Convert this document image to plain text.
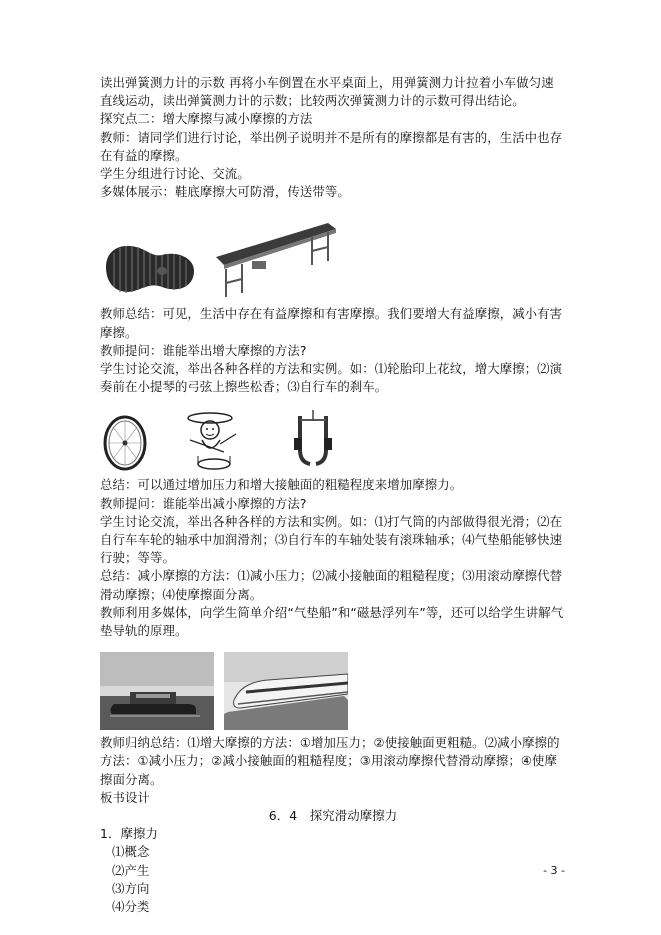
读出弹簧测力计的示数 再将小车倒置在水平桌面上，用弹簧测力计拉着小车做匀速直线运动，读出弹簧测力计的示数；比较两次弹簧测力计的示数可得出结论。

探究点二：增大摩擦与减小摩擦的方法

教师：请同学们进行讨论，举出例子说明并不是所有的摩擦都是有害的，生活中也存在有益的摩擦。

学生分组进行讨论、交流。

多媒体展示：鞋底摩擦大可防滑，传送带等。

教师总结：可见，生活中存在有益摩擦和有害摩擦。我们要增大有益摩擦，减小有害摩擦。

教师提问：谁能举出增大摩擦的方法?

学生讨论交流，举出各种各样的方法和实例。如：⑴轮胎印上花纹，增大摩擦；⑵演奏前在小提琴的弓弦上擦些松香；⑶自行车的刹车。

总结：可以通过增加压力和增大接触面的粗糙程度来增加摩擦力。

教师提问：谁能举出减小摩擦的方法?

学生讨论交流，举出各种各样的方法和实例。如：⑴打气筒的内部做得很光滑；⑵在自行车车轮的轴承中加润滑剂；⑶自行车的车轴处装有滚珠轴承；⑷气垫船能够快速行驶；等等。

总结：减小摩擦的方法：⑴减小压力；⑵减小接触面的粗糙程度；⑶用滚动摩擦代替滑动摩擦；⑷使摩擦面分离。

教师利用多媒体，向学生简单介绍“气垫船”和“磁悬浮列车”等，还可以给学生讲解气垫导轨的原理。

教师归纳总结：⑴增大摩擦的方法：①增加压力；②使接触面更粗糙。⑵减小摩擦的方法：①减小压力；②减小接触面的粗糙程度；③用滚动摩擦代替滑动摩擦；④使摩擦面分离。

板书设计

6．4　探究滑动摩擦力

1．摩擦力

⑴概念

⑵产生

⑶方向

⑷分类

- 3 -
